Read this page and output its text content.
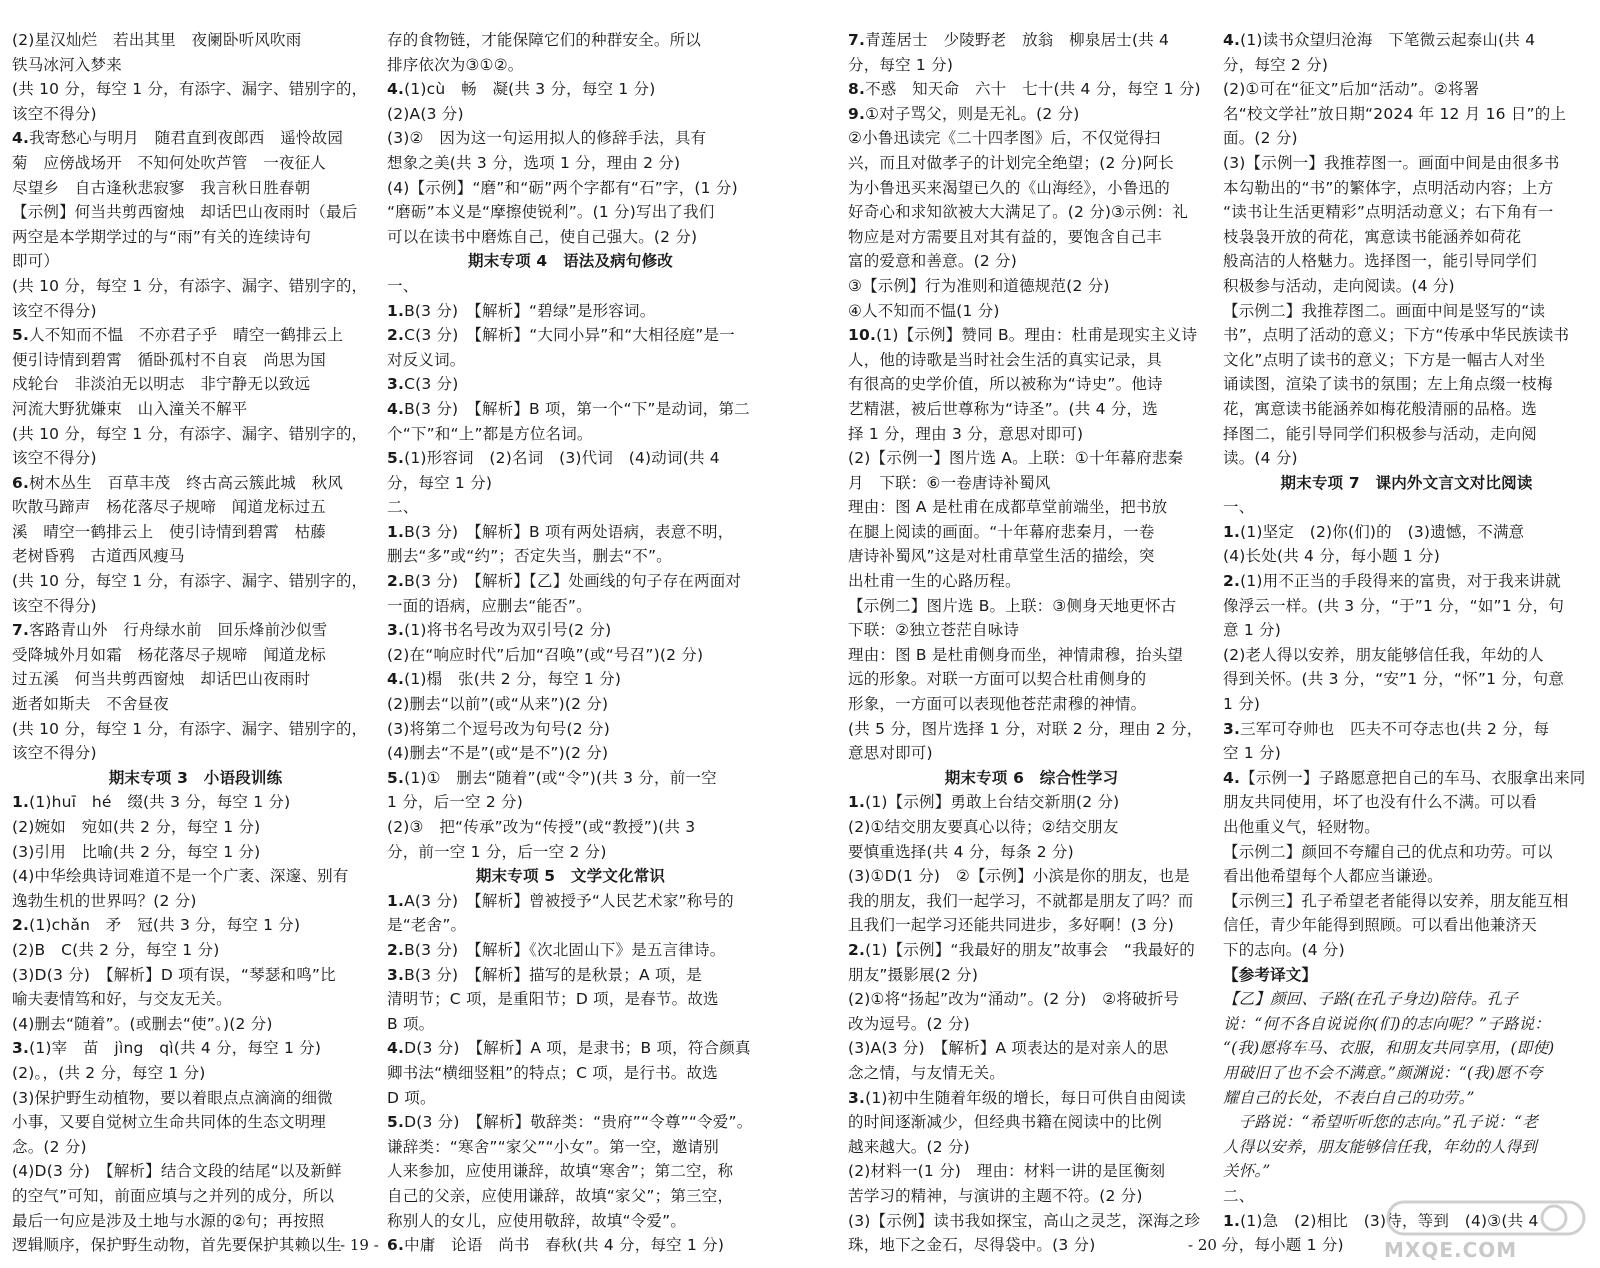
(2)星汉灿烂　若出其里　夜阑卧听风吹雨
铁马冰河入梦来
(共 10 分，每空 1 分，有添字、漏字、错别字的，
该空不得分)
4.我寄愁心与明月　随君直到夜郎西　遥怜故园
菊　应傍战场开　不知何处吹芦管　一夜征人
尽望乡　自古逢秋悲寂寥　我言秋日胜春朝
【示例】何当共剪西窗烛　却话巴山夜雨时（最后
两空是本学期学过的与“雨”有关的连续诗句
即可）
(共 10 分，每空 1 分，有添字、漏字、错别字的，
该空不得分)
5.人不知而不愠　不亦君子乎　晴空一鹤排云上
便引诗情到碧霄　循卧孤村不自哀　尚思为国
戍轮台　非淡泊无以明志　非宁静无以致远
河流大野犹嫌束　山入潼关不解平
(共 10 分，每空 1 分，有添字、漏字、错别字的，
该空不得分)
6.树木丛生　百草丰茂　终古高云簇此城　秋风
吹散马蹄声　杨花落尽子规啼　闻道龙标过五
溪　晴空一鹤排云上　使引诗情到碧霄　枯藤
老树昏鸦　古道西风瘦马
(共 10 分，每空 1 分，有添字、漏字、错别字的，
该空不得分)
7.客路青山外　行舟绿水前　回乐烽前沙似雪
受降城外月如霜　杨花落尽子规啼　闻道龙标
过五溪　何当共剪西窗烛　却话巴山夜雨时
逝者如斯夫　不舍昼夜
(共 10 分，每空 1 分，有添字、漏字、错别字的，
该空不得分)
期末专项 3　小语段训练
1.(1)huī　hé　缀(共 3 分，每空 1 分)
(2)婉如　宛如(共 2 分，每空 1 分)
(3)引用　比喻(共 2 分，每空 1 分)
(4)中华绘典诗词难道不是一个广袤、深邃、别有
逸勃生机的世界吗？(2 分)
2.(1)chǎn　矛　冠(共 3 分，每空 1 分)
(2)B　C(共 2 分，每空 1 分)
(3)D(3 分)　【解析】D 项有误，“琴瑟和鸣”比
喻夫妻情笃和好，与交友无关。
(4)删去“随着”。(或删去“使”。)(2 分)
3.(1)宰　苗　jìng　qì(共 4 分，每空 1 分)
(2)。，(共 2 分，每空 1 分)
(3)保护野生动植物，要以着眼点点滴滴的细微
小事，又要自觉树立生命共同体的生态文明理
念。(2 分)
(4)D(3 分)　【解析】结合文段的结尾“以及新鲜
的空气”可知，前面应填与之并列的成分，所以
最后一句应是涉及土地与水源的②句；再按照
逻辑顺序，保护野生动物，首先要保护其赖以生
存的食物链，才能保障它们的种群安全。所以
排序依次为③①②。
4.(1)cù　畅　凝(共 3 分，每空 1 分)
(2)A(3 分)
(3)②　因为这一句运用拟人的修辞手法，具有
想象之美(共 3 分，选项 1 分，理由 2 分)
(4)【示例】“磨”和“砺”两个字都有“石”字，(1 分)
“磨砺”本义是“摩擦使锐利”。(1 分)写出了我们
可以在读书中磨炼自己，使自己强大。(2 分)
期末专项 4　语法及病句修改
一、
1.B(3 分)　【解析】“碧绿”是形容词。
2.C(3 分)　【解析】“大同小异”和“大相径庭”是一
对反义词。
3.C(3 分)
4.B(3 分)　【解析】B 项，第一个“下”是动词，第二
个“下”和“上”都是方位名词。
5.(1)形容词　(2)名词　(3)代词　(4)动词(共 4
分，每空 1 分)
二、
1.B(3 分)　【解析】B 项有两处语病，表意不明，
删去“多”或“约”；否定失当，删去“不”。
2.B(3 分)　【解析】【乙】处画线的句子存在两面对
一面的语病，应删去“能否”。
3.(1)将书名号改为双引号(2 分)
(2)在“响应时代”后加“召唤”(或“号召”)(2 分)
4.(1)榻　张(共 2 分，每空 1 分)
(2)删去“以前”(或“从来”)(2 分)
(3)将第二个逗号改为句号(2 分)
(4)删去“不是”(或“是不”)(2 分)
5.(1)①　删去“随着”(或“令”)(共 3 分，前一空
1 分，后一空 2 分)
(2)③　把“传承”改为“传授”(或“教授”)(共 3
分，前一空 1 分，后一空 2 分)
期末专项 5　文学文化常识
1.A(3 分)　【解析】曾被授予“人民艺术家”称号的
是“老舍”。
2.B(3 分)　【解析】《次北固山下》是五言律诗。
3.B(3 分)　【解析】描写的是秋景；A 项，是
清明节；C 项，是重阳节；D 项，是春节。故选
B 项。
4.D(3 分)　【解析】A 项，是隶书；B 项，符合颜真
卿书法“横细竖粗”的特点；C 项，是行书。故选
D 项。
5.D(3 分)　【解析】敬辞类：“贵府”“令尊”“令爱”。
谦辞类：“寒舍”“家父”“小女”。第一空，邀请别
人来参加，应使用谦辞，故填“寒舍”；第二空，称
自己的父亲，应使用谦辞，故填“家父”；第三空，
称别人的女儿，应使用敬辞，故填“令爱”。
6.中庸　论语　尚书　春秋(共 4 分，每空 1 分)
- 19 -
7.青莲居士　少陵野老　放翁　柳泉居士(共 4
分，每空 1 分)
8.不惑　知天命　六十　七十(共 4 分，每空 1 分)
9.①对子骂父，则是无礼。(2 分)
②小鲁迅读完《二十四孝图》后，不仅觉得扫
兴，而且对做孝子的计划完全绝望；(2 分)阿长
为小鲁迅买来渴望已久的《山海经》，小鲁迅的
好奇心和求知欲被大大满足了。(2 分)③示例：礼
物应是对方需要且对其有益的，要饱含自己丰
富的爱意和善意。(2 分)
③【示例】行为准则和道德规范(2 分)
④人不知而不愠(1 分)
10.(1)【示例】赞同 B。理由：杜甫是现实主义诗
人，他的诗歌是当时社会生活的真实记录，具
有很高的史学价值，所以被称为“诗史”。他诗
艺精湛，被后世尊称为“诗圣”。(共 4 分，选
择 1 分，理由 3 分，意思对即可)
(2)【示例一】图片选 A。上联：①十年幕府悲秦
月　下联：⑥一卷唐诗补蜀风
理由：图 A 是杜甫在成都草堂前端坐，把书放
在腿上阅读的画面。“十年幕府悲秦月，一卷
唐诗补蜀风”这是对杜甫草堂生活的描绘，突
出杜甫一生的心路历程。
【示例二】图片选 B。上联：③侧身天地更怀古
下联：②独立苍茫自咏诗
理由：图 B 是杜甫侧身而坐，神情肃穆，抬头望
远的形象。对联一方面可以契合杜甫侧身的
形象，一方面可以表现他苍茫肃穆的神情。
(共 5 分，图片选择 1 分，对联 2 分，理由 2 分，
意思对即可)
期末专项 6　综合性学习
1.(1)【示例】勇敢上台结交新朋(2 分)
(2)①结交朋友要真心以待；②结交朋友
要慎重选择(共 4 分，每条 2 分)
(3)①D(1 分)　②【示例】小滨是你的朋友，也是
我的朋友，我们一起学习，不就都是朋友了吗？而
且我们一起学习还能共同进步，多好啊！(3 分)
2.(1)【示例】“我最好的朋友”故事会　“我最好的
朋友”摄影展(2 分)
(2)①将“扬起”改为“涌动”。(2 分)　②将破折号
改为逗号。(2 分)
(3)A(3 分)　【解析】A 项表达的是对亲人的思
念之情，与友情无关。
3.(1)初中生随着年级的增长，每日可供自由阅读
的时间逐渐减少，但经典书籍在阅读中的比例
越来越大。(2 分)
(2)材料一(1 分)　理由：材料一讲的是匡衡刻
苦学习的精神，与演讲的主题不符。(2 分)
(3)【示例】读书我如探宝，高山之灵芝，深海之珍
珠，地下之金石，尽得袋中。(3 分)
4.(1)读书众望归沧海　下笔微云起泰山(共 4
分，每空 2 分)
(2)①可在“征文”后加“活动”。②将署
名“校文学社”放日期“2024 年 12 月 16 日”的上
面。(2 分)
(3)【示例一】我推荐图一。画面中间是由很多书
本勾勒出的“书”的繁体字，点明活动内容；上方
“读书让生活更精彩”点明活动意义；右下角有一
枝袅袅开放的荷花，寓意读书能涵养如荷花
般高洁的人格魅力。选择图一，能引导同学们
积极参与活动，走向阅读。(4 分)
【示例二】我推荐图二。画面中间是竖写的“读
书”，点明了活动的意义；下方“传承中华民族读书
文化”点明了读书的意义；下方是一幅古人对坐
诵读图，渲染了读书的氛围；左上角点缀一枝梅
花，寓意读书能涵养如梅花般清丽的品格。选
择图二，能引导同学们积极参与活动，走向阅
读。(4 分)
期末专项 7　课内外文言文对比阅读
一、
1.(1)坚定　(2)你(们)的　(3)遗憾，不满意
(4)长处(共 4 分，每小题 1 分)
2.(1)用不正当的手段得来的富贵，对于我来讲就
像浮云一样。(共 3 分，“于”1 分，“如”1 分，句
意 1 分)
(2)老人得以安养，朋友能够信任我，年幼的人
得到关怀。(共 3 分，“安”1 分，“怀”1 分，句意
1 分)
3.三军可夺帅也　匹夫不可夺志也(共 2 分，每
空 1 分)
4.【示例一】子路愿意把自己的车马、衣服拿出来同
朋友共同使用，坏了也没有什么不满。可以看
出他重义气，轻财物。
【示例二】颜回不夸耀自己的优点和功劳。可以
看出他希望每个人都应当谦逊。
【示例三】孔子希望老者能得以安养，朋友能互相
信任，青少年能得到照顾。可以看出他兼济天
下的志向。(4 分)
【参考译文】
【乙】颜回、子路(在孔子身边)陪侍。孔子
说：“何不各自说说你(们)的志向呢？”子路说：
“(我)愿将车马、衣服，和朋友共同享用，(即使)
用破旧了也不会不满意。”颜渊说：“(我)愿不夸
耀自己的长处，不表白自己的功劳。”
　子路说：“希望听听您的志向。”孔子说：“老
人得以安养，朋友能够信任我，年幼的人得到
关怀。”
二、
1.(1)急　(2)相比　(3)待，等到　(4)③(共 4
分，每小题 1 分)
- 20 -	MXQE.COM
